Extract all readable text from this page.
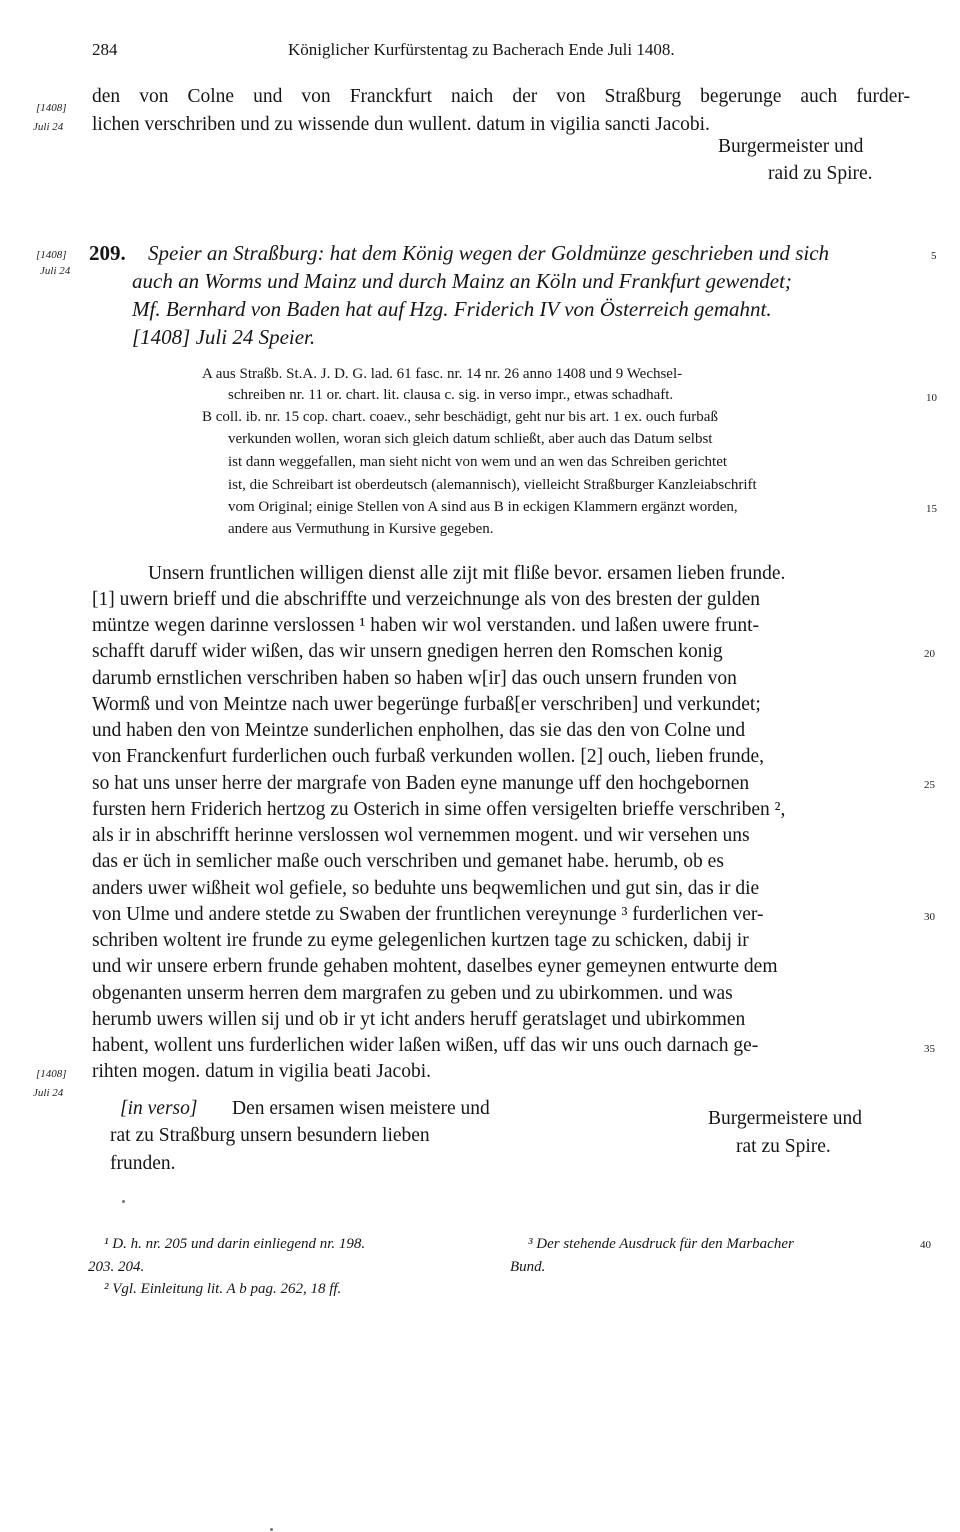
284	Königlicher Kurfürstentag zu Bacherach Ende Juli 1408.
[1408]
Juli 24
den von Colne und von Franckfurt naich der von Straßburg begerunge auch furder-
lichen verschriben und zu wissende dun wullent. datum in vigilia sancti Jacobi.
Burgermeister und
raid zu Spire.
[1408]
Juli 24
209. Speier an Straßburg: hat dem König wegen der Goldmünze geschrieben und sich
auch an Worms und Mainz und durch Mainz an Köln und Frankfurt gewendet;
Mf. Bernhard von Baden hat auf Hzg. Friderich IV von Österreich gemahnt.
[1408] Juli 24 Speier.
A aus Straßb. St.A. J. D. G. lad. 61 fasc. nr. 14 nr. 26 anno 1408 und 9 Wechsel-
schreiben nr. 11 or. chart. lit. clausa c. sig. in verso impr., etwas schadhaft.
B coll. ib. nr. 15 cop. chart. coaev., sehr beschädigt, geht nur bis art. 1 ex. ouch furbaß
verkunden wollen, woran sich gleich datum schließt, aber auch das Datum selbst
ist dann weggefallen, man sieht nicht von wem und an wen das Schreiben gerichtet
ist, die Schreibart ist oberdeutsch (alemannisch), vielleicht Straßburger Kanzleiabschrift
vom Original; einige Stellen von A sind aus B in eckigen Klammern ergänzt worden,
andere aus Vermuthung in Kursive gegeben.
Unsern fruntlichen willigen dienst alle zijt mit fliße bevor. ersamen lieben frunde.
[1] uwern brieff und die abschriffte und verzeichnunge als von des bresten der gulden
müntze wegen darinne verslossen ¹ haben wir wol verstanden. und laßen uwere frunt-
schafft daruff wider wißen, das wir unsern gnedigen herren den Romschen konig
darumb ernstlichen verschriben haben so haben w[ir] das ouch unsern frunden von
Wormß und von Meintze nach uwer begerünge furbaß[er verschriben] und verkundet;
und haben den von Meintze sunderlichen enpholhen, das sie das den von Colne und
von Franckenfurt furderlichen ouch furbaß verkunden wollen. [2] ouch, lieben frunde,
so hat uns unser herre der margrafe von Baden eyne manunge uff den hochgebornen
fursten hern Friderich hertzog zu Osterich in sime offen versigelten brieffe verschriben ²,
als ir in abschrifft herinne verslossen wol vernemmen mogent. und wir versehen uns
das er üch in semlicher maße ouch verschriben und gemanet habe. herumb, ob es
anders uwer wißheit wol gefiele, so beduhte uns beqwemlichen und gut sin, das ir die
von Ulme und andere stetde zu Swaben der fruntlichen vereynunge ³ furderlichen ver-
schriben woltent ire frunde zu eyme gelegenlichen kurtzen tage zu schicken, dabij ir
und wir unsere erbern frunde gehaben mohtent, daselbes eyner gemeynen entwurte dem
obgenanten unserm herren dem margrafen zu geben und zu ubirkommen. und was
herumb uwers willen sij und ob ir yt icht anders heruff geratslaget und ubirkommen
habent, wollent uns furderlichen wider laßen wißen, uff das wir uns ouch darnach ge-
rihten mogen. datum in vigilia beati Jacobi.
[1408]
Juli 24
[in verso] Den ersamen wisen meistere und
rat zu Straßburg unsern besundern lieben
frunden.
Burgermeistere und
rat zu Spire.
5
10
15
20
25
30
35
40
¹ D. h. nr. 205 und darin einliegend nr. 198.
203. 204.
² Vgl. Einleitung lit. A b pag. 262, 18 ff.
³ Der stehende Ausdruck für den Marbacher
Bund.
